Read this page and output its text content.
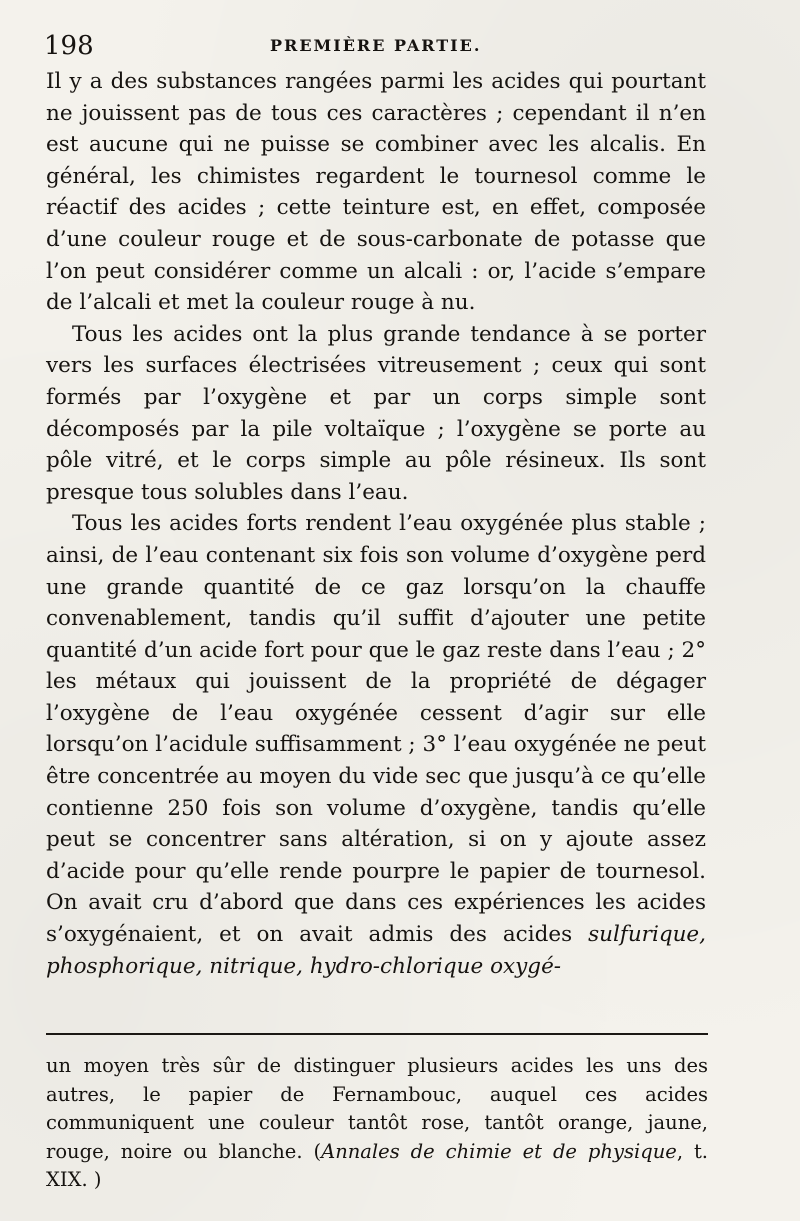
198	PREMIÈRE PARTIE.

Il y a des substances rangées parmi les acides qui pourtant ne jouissent pas de tous ces caractères ; cependant il n’en est aucune qui ne puisse se combiner avec les alcalis. En général, les chimistes regardent le tournesol comme le réactif des acides ; cette teinture est, en effet, composée d’une couleur rouge et de sous-carbonate de potasse que l’on peut considérer comme un alcali : or, l’acide s’empare de l’alcali et met la couleur rouge à nu.

Tous les acides ont la plus grande tendance à se porter vers les surfaces électrisées vitreusement ; ceux qui sont formés par l’oxygène et par un corps simple sont décomposés par la pile voltaïque ; l’oxygène se porte au pôle vitré, et le corps simple au pôle résineux. Ils sont presque tous solubles dans l’eau.

Tous les acides forts rendent l’eau oxygénée plus stable ; ainsi, de l’eau contenant six fois son volume d’oxygène perd une grande quantité de ce gaz lorsqu’on la chauffe convenablement, tandis qu’il suffit d’ajouter une petite quantité d’un acide fort pour que le gaz reste dans l’eau ; 2° les métaux qui jouissent de la propriété de dégager l’oxygène de l’eau oxygénée cessent d’agir sur elle lorsqu’on l’acidule suffisamment ; 3° l’eau oxygénée ne peut être concentrée au moyen du vide sec que jusqu’à ce qu’elle contienne 250 fois son volume d’oxygène, tandis qu’elle peut se concentrer sans altération, si on y ajoute assez d’acide pour qu’elle rende pourpre le papier de tournesol. On avait cru d’abord que dans ces expériences les acides s’oxygénaient, et on avait admis des acides sulfurique, phosphorique, nitrique, hydro-chlorique oxygé-

un moyen très sûr de distinguer plusieurs acides les uns des autres, le papier de Fernambouc, auquel ces acides communiquent une couleur tantôt rose, tantôt orange, jaune, rouge, noire ou blanche. (Annales de chimie et de physique, t. XIX. )
